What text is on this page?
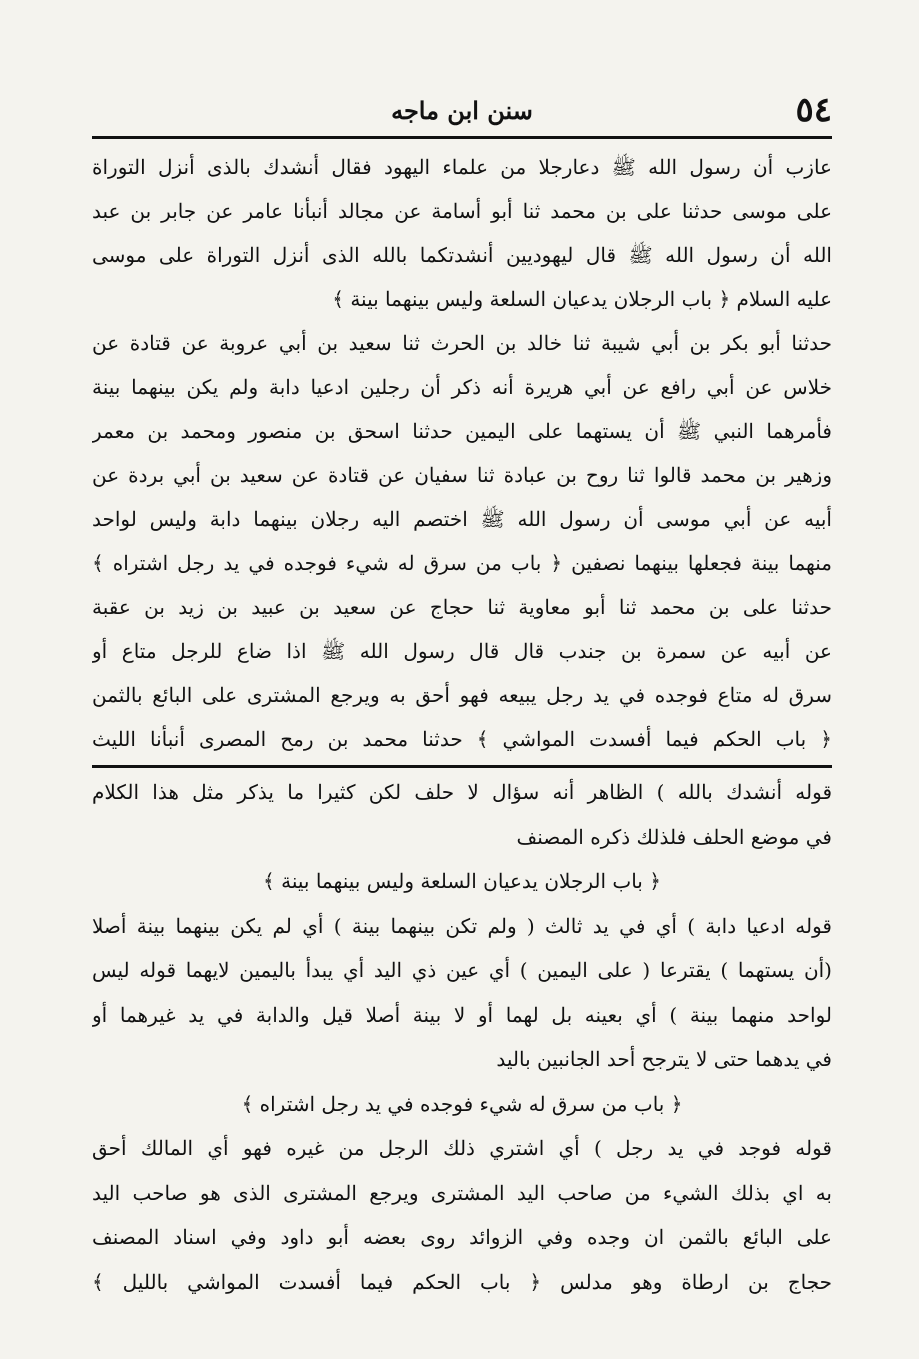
٥٤
سنن ابن ماجه
عازب أن رسول الله ﷺ دعارجلا من علماء اليهود فقال أنشدك بالذى أنزل التوراة
على موسى حدثنا على بن محمد ثنا أبو أسامة عن مجالد أنبأنا عامر عن جابر بن عبد
الله أن رسول الله ﷺ قال ليهوديين أنشدتكما بالله الذى أنزل التوراة على موسى
عليه السلام ﴿ باب الرجلان يدعيان السلعة وليس بينهما بينة ﴾
حدثنا أبو بكر بن أبي شيبة ثنا خالد بن الحرث ثنا سعيد بن أبي عروبة عن قتادة عن
خلاس عن أبي رافع عن أبي هريرة أنه ذكر أن رجلين ادعيا دابة ولم يكن بينهما بينة
فأمرهما النبي ﷺ أن يستهما على اليمين حدثنا اسحق بن منصور ومحمد بن معمر
وزهير بن محمد قالوا ثنا روح بن عبادة ثنا سفيان عن قتادة عن سعيد بن أبي بردة عن
أبيه عن أبي موسى أن رسول الله ﷺ اختصم اليه رجلان بينهما دابة وليس لواحد
منهما بينة فجعلها بينهما نصفين ﴿ باب من سرق له شيء فوجده في يد رجل اشتراه ﴾
حدثنا على بن محمد ثنا أبو معاوية ثنا حجاج عن سعيد بن عبيد بن زيد بن عقبة
عن أبيه عن سمرة بن جندب قال قال رسول الله ﷺ اذا ضاع للرجل متاع أو
سرق له متاع فوجده في يد رجل يبيعه فهو أحق به ويرجع المشترى على البائع بالثمن
﴿ باب الحكم فيما أفسدت المواشي ﴾ حدثنا محمد بن رمح المصرى أنبأنا الليث
قوله أنشدك بالله ) الظاهر أنه سؤال لا حلف لكن كثيرا ما يذكر مثل هذا الكلام
في موضع الحلف فلذلك ذكره المصنف
﴿ باب الرجلان يدعيان السلعة وليس بينهما بينة ﴾
قوله ادعيا دابة ) أي في يد ثالث ( ولم تكن بينهما بينة ) أي لم يكن بينهما بينة أصلا
(أن يستهما ) يقترعا ( على اليمين ) أي عين ذي اليد أي يبدأ باليمين لايهما قوله ليس
لواحد منهما بينة ) أي بعينه بل لهما أو لا بينة أصلا قيل والدابة في يد غيرهما أو
في يدهما حتى لا يترجح أحد الجانبين باليد
﴿ باب من سرق له شيء فوجده في يد رجل اشتراه ﴾
قوله فوجد في يد رجل ) أي اشتري ذلك الرجل من غيره فهو أي المالك أحق
به اي بذلك الشيء من صاحب اليد المشترى ويرجع المشترى الذى هو صاحب اليد
على البائع بالثمن ان وجده وفي الزوائد روى بعضه أبو داود وفي اسناد المصنف
حجاج بن ارطاة وهو مدلس ﴿ باب الحكم فيما أفسدت المواشي بالليل ﴾
